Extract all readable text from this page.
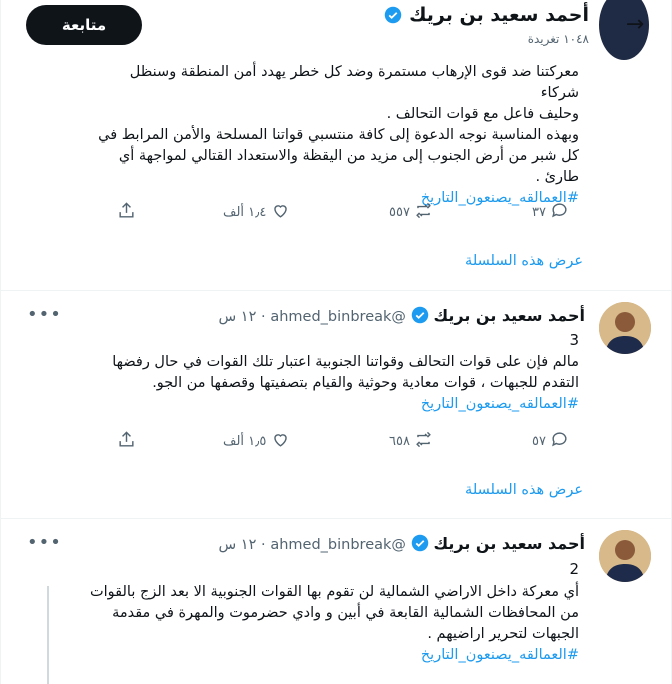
→
أحمد سعيد بن بريك
١٠٤٨ تغريدة
متابعة
معركتنا ضد قوى الإرهاب مستمرة وضد كل خطر يهدد أمن المنطقة وسنظل شركاء
وحليف فاعل مع قوات التحالف .
وبهذه المناسبة نوجه الدعوة إلى كافة منتسبي قواتنا المسلحة والأمن المرابط في
كل شبر من أرض الجنوب إلى مزيد من اليقظة والاستعداد القتالي لمواجهة أي
طارئ .
#العمالقه_يصنعون_التاريخ
١٫٤ ألف	٥٥٧	٣٧
عرض هذه السلسلة
أحمد سعيد بن بريك  @ahmed_binbreak · ١٢ س
•••
3
مالم فإن على قوات التحالف وقواتنا الجنوبية اعتبار تلك القوات في حال رفضها
التقدم للجبهات ، قوات معادية وحوثية والقيام بتصفيتها وقصفها من الجو.
#العمالقه_يصنعون_التاريخ
١٫٥ ألف	٦٥٨	٥٧
عرض هذه السلسلة
أحمد سعيد بن بريك  @ahmed_binbreak · ١٢ س
•••
2
أي معركة داخل الاراضي الشمالية لن تقوم بها القوات الجنوبية الا بعد الزج بالقوات
من المحافظات الشمالية القابعة في أبين و وادي حضرموت والمهرة في مقدمة
الجبهات لتحرير اراضيهم .
#العمالقه_يصنعون_التاريخ
